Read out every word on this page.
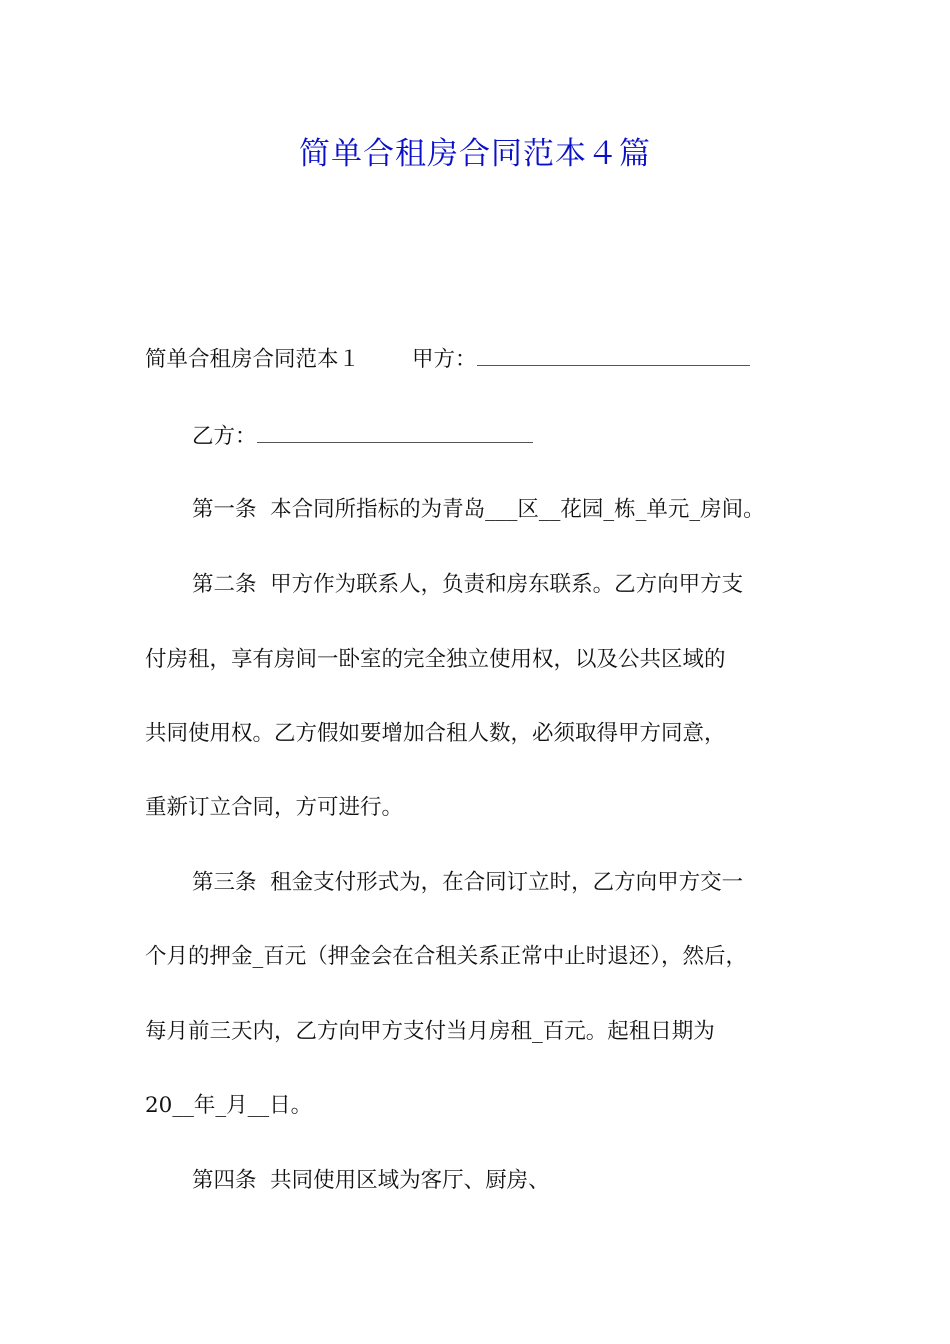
简单合租房合同范本４篇
简单合租房合同范本１ 甲方：
乙方：
第一条  本合同所指标的为青岛___区__花园_栋_单元_房间。
第二条  甲方作为联系人，负责和房东联系。乙方向甲方支
付房租，享有房间一卧室的完全独立使用权，以及公共区域的
共同使用权。乙方假如要增加合租人数，必须取得甲方同意，
重新订立合同，方可进行。
第三条  租金支付形式为，在合同订立时，乙方向甲方交一
个月的押金_百元（押金会在合租关系正常中止时退还），然后，
每月前三天内，乙方向甲方支付当月房租_百元。起租日期为
20__年_月__日。
第四条  共同使用区域为客厅、厨房、
